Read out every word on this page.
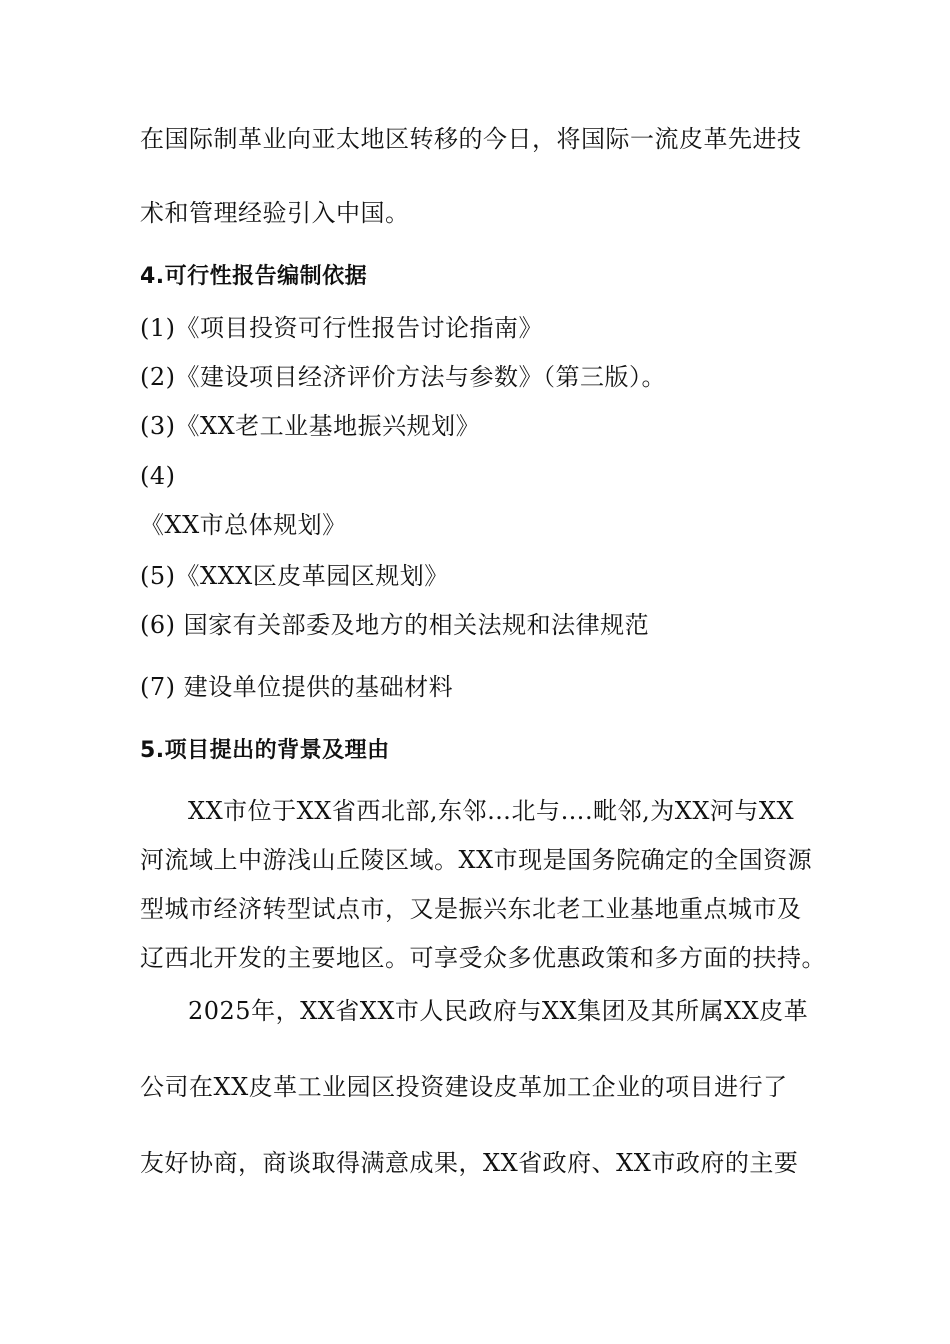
在国际制革业向亚太地区转移的今日，将国际一流皮革先进技
术和管理经验引入中国。
4.可行性报告编制依据
(1)《项目投资可行性报告讨论指南》
(2)《建设项目经济评价方法与参数》（第三版）。
(3)《XX老工业基地振兴规划》
(4)
《XX市总体规划》
(5)《XXX区皮革园区规划》
(6) 国家有关部委及地方的相关法规和法律规范
(7) 建设单位提供的基础材料
5.项目提出的背景及理由
XX市位于XX省西北部,东邻…北与….毗邻,为XX河与XX
河流域上中游浅山丘陵区域。XX市现是国务院确定的全国资源
型城市经济转型试点市，又是振兴东北老工业基地重点城市及
辽西北开发的主要地区。可享受众多优惠政策和多方面的扶持。
2025年，XX省XX市人民政府与XX集团及其所属XX皮革
公司在XX皮革工业园区投资建设皮革加工企业的项目进行了
友好协商，商谈取得满意成果，XX省政府、XX市政府的主要
